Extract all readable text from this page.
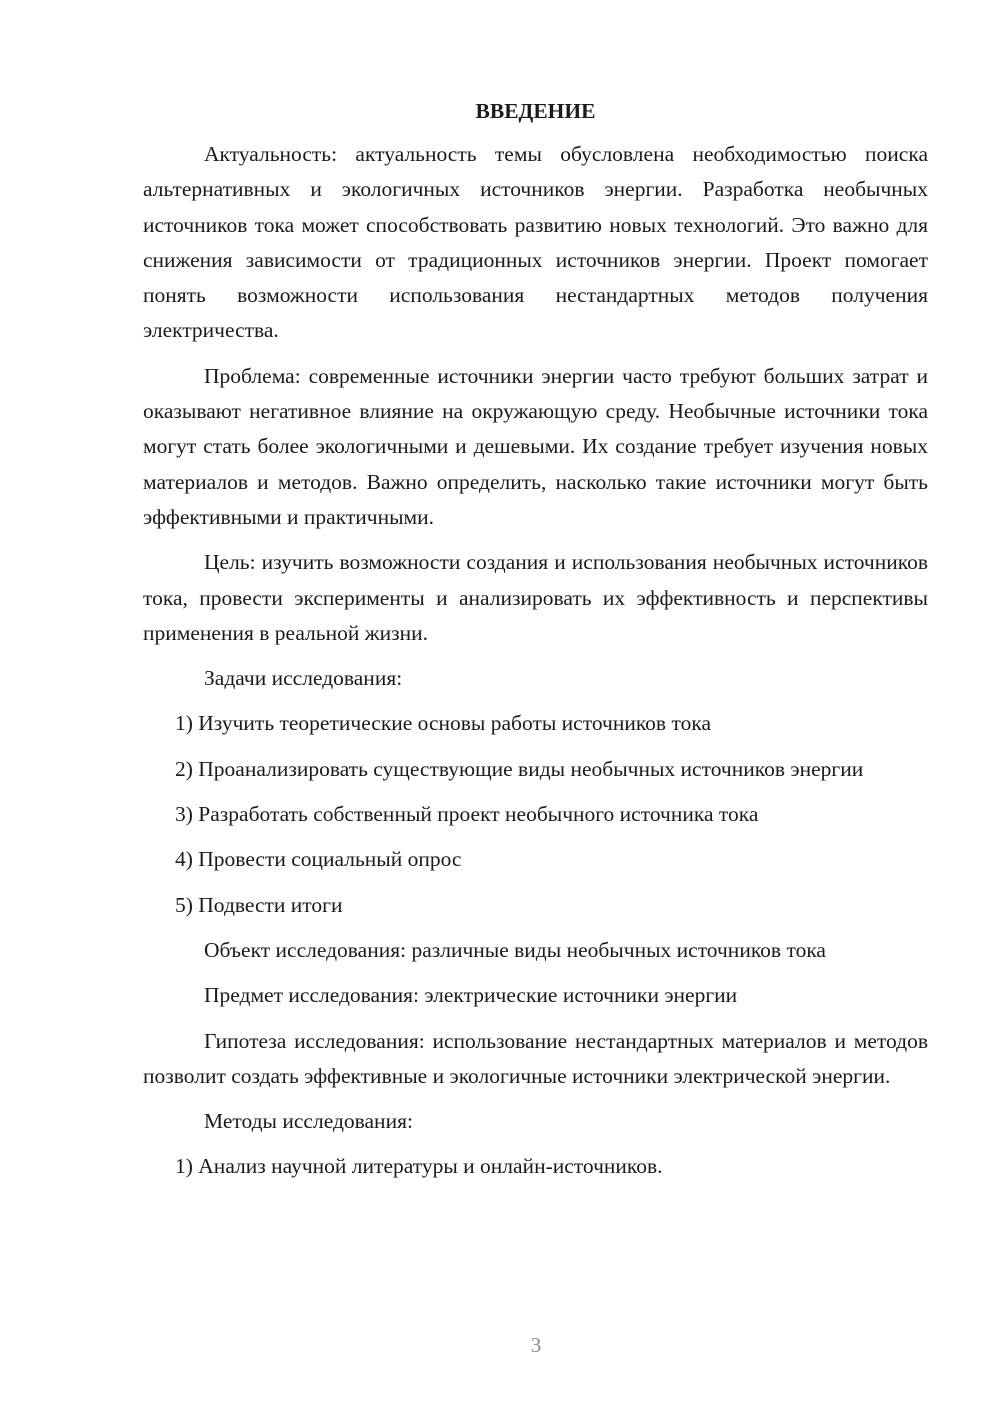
ВВЕДЕНИЕ

Актуальность: актуальность темы обусловлена необходимостью поиска альтернативных и экологичных источников энергии. Разработка необычных источников тока может способствовать развитию новых технологий. Это важно для снижения зависимости от традиционных источников энергии. Проект помогает понять возможности использования нестандартных методов получения электричества.

Проблема: современные источники энергии часто требуют больших затрат и оказывают негативное влияние на окружающую среду. Необычные источники тока могут стать более экологичными и дешевыми. Их создание требует изучения новых материалов и методов. Важно определить, насколько такие источники могут быть эффективными и практичными.

Цель: изучить возможности создания и использования необычных источников тока, провести эксперименты и анализировать их эффективность и перспективы применения в реальной жизни.

Задачи исследования:

1) Изучить теоретические основы работы источников тока

2) Проанализировать существующие виды необычных источников энергии

3) Разработать собственный проект необычного источника тока

4) Провести социальный опрос

5) Подвести итоги

Объект исследования: различные виды необычных источников тока

Предмет исследования: электрические источники энергии

Гипотеза исследования: использование нестандартных материалов и методов позволит создать эффективные и экологичные источники электрической энергии.

Методы исследования:

1) Анализ научной литературы и онлайн-источников.

3
